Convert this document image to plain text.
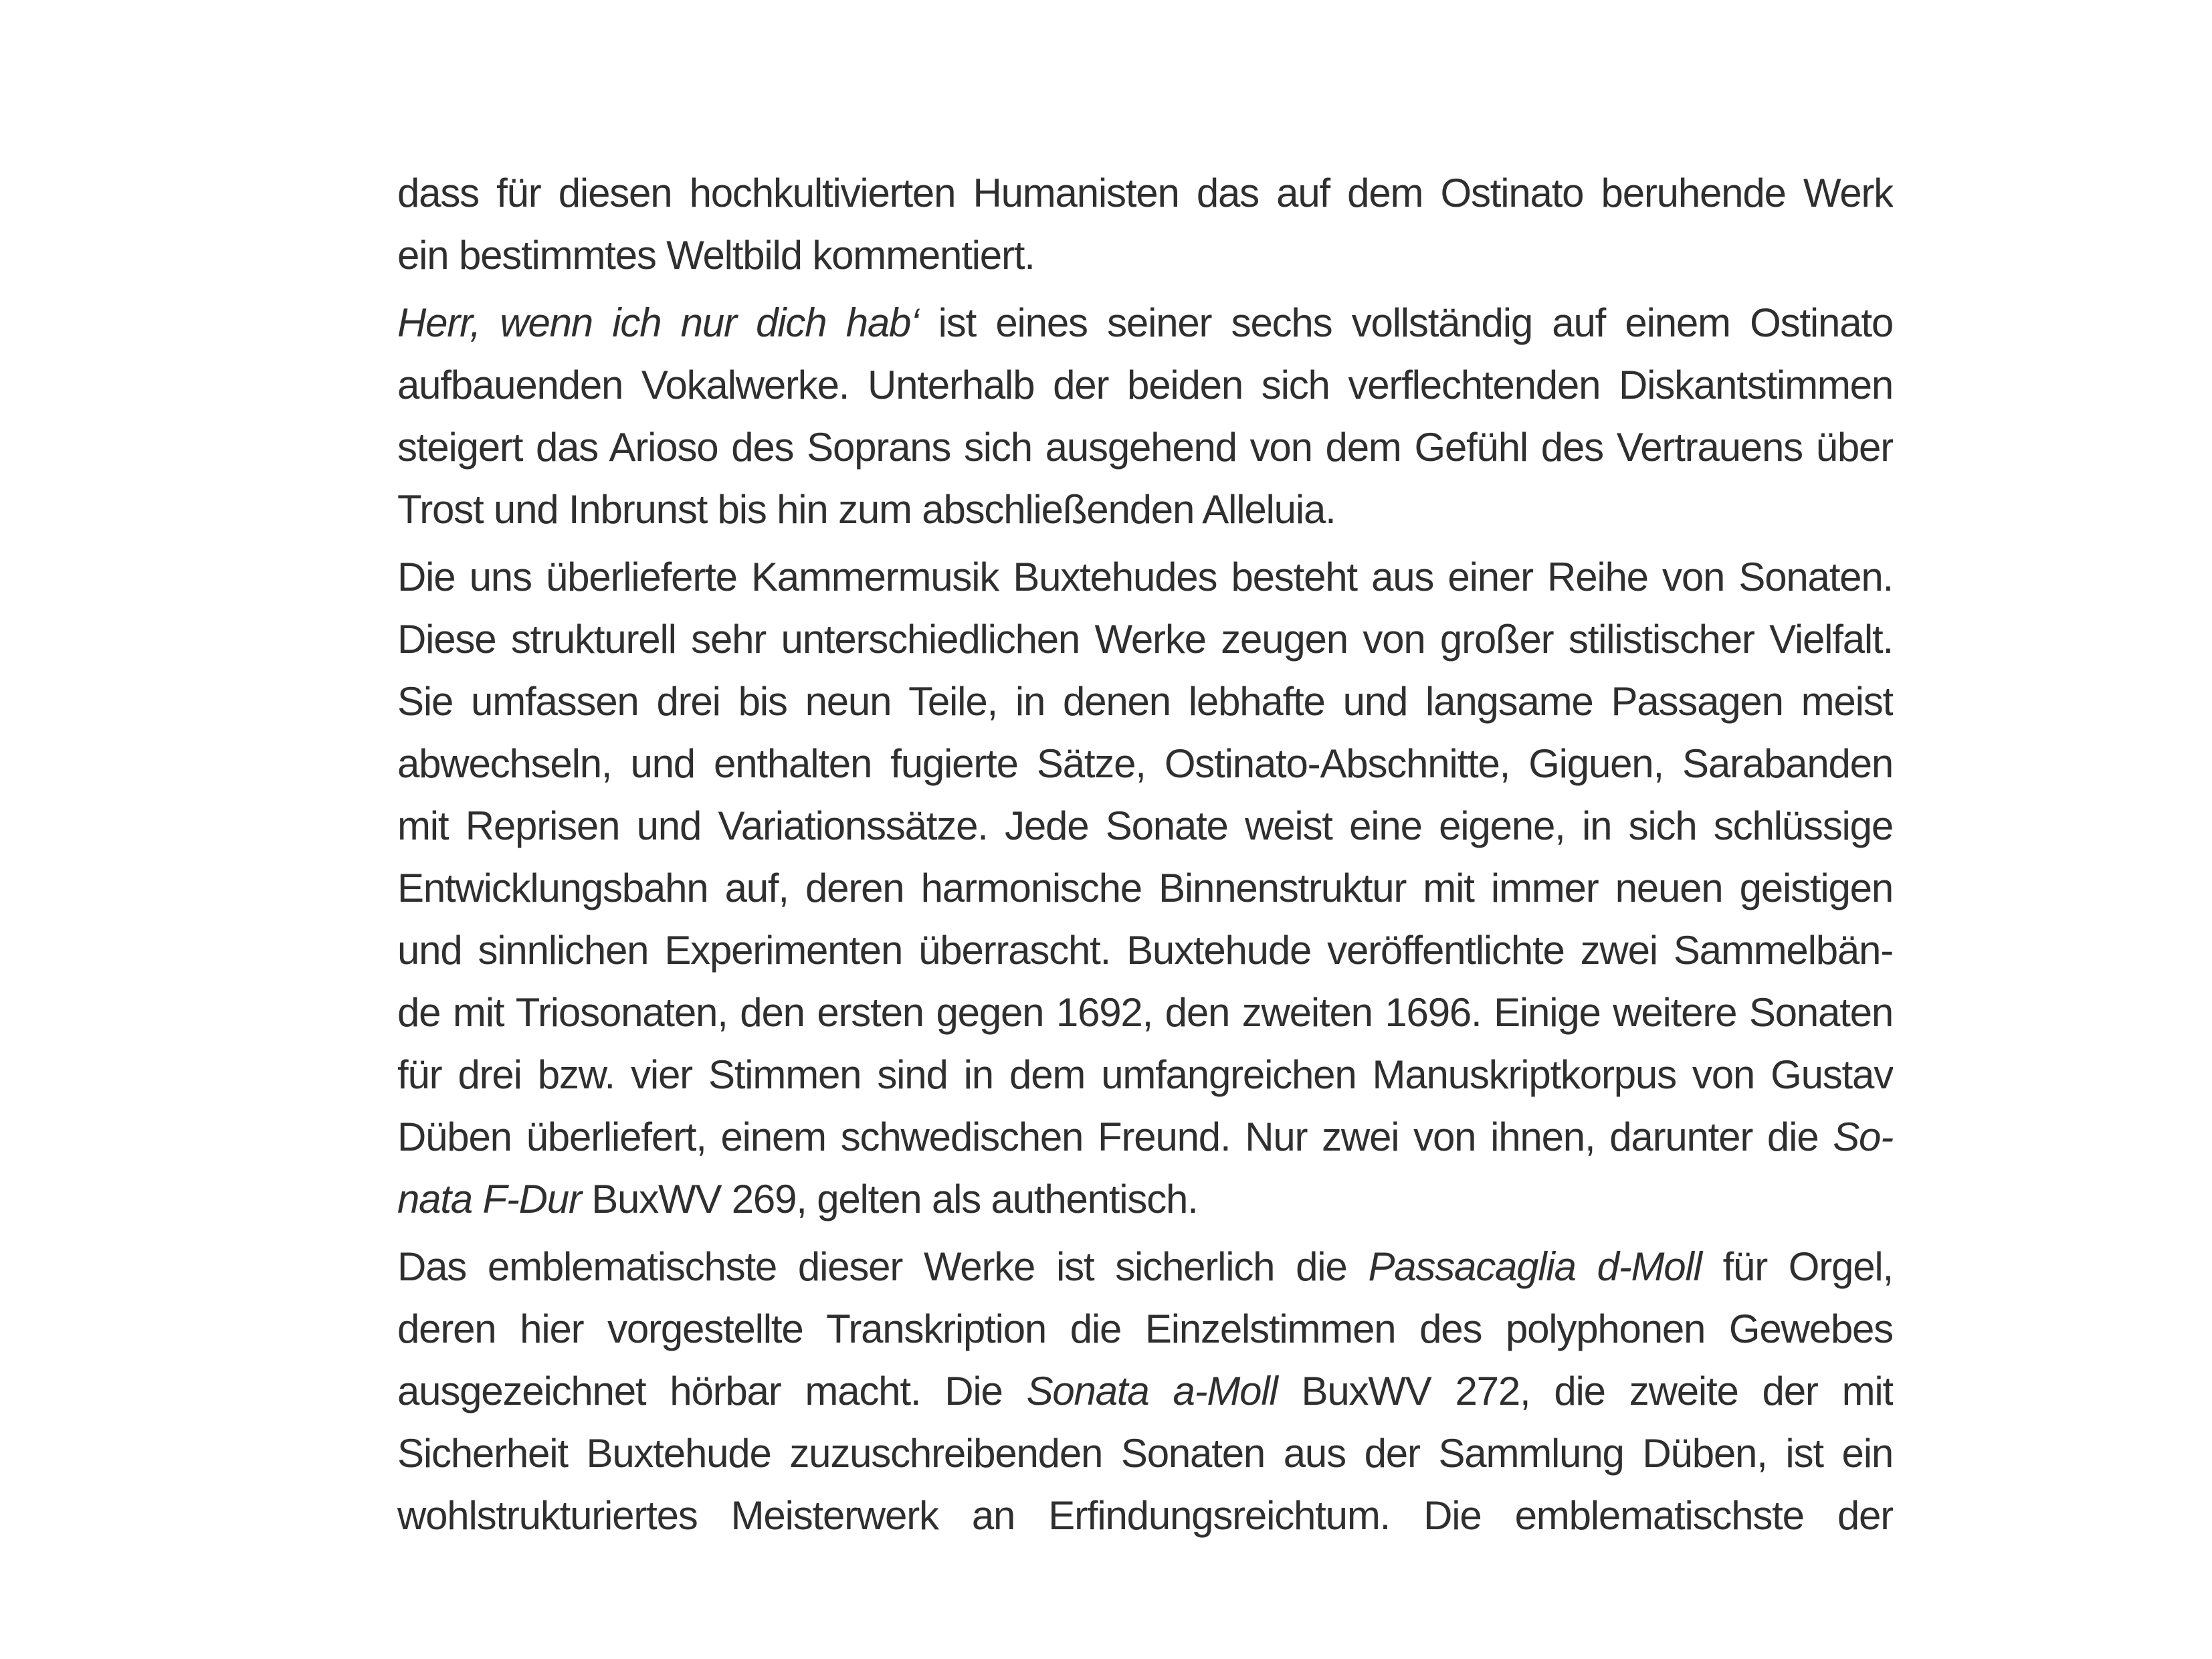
dass für diesen hochkultivierten Humanisten das auf dem Ostinato beruhende Werk
ein bestimmtes Weltbild kommentiert.
Herr, wenn ich nur dich hab‘ ist eines seiner sechs vollständig auf einem Ostinato
aufbauenden Vokalwerke. Unterhalb der beiden sich verflechtenden Diskantstimmen
steigert das Arioso des Soprans sich ausgehend von dem Gefühl des Vertrauens über
Trost und Inbrunst bis hin zum abschließenden Alleluia.
Die uns überlieferte Kammermusik Buxtehudes besteht aus einer Reihe von Sonaten.
Diese strukturell sehr unterschiedlichen Werke zeugen von großer stilistischer Vielfalt.
Sie umfassen drei bis neun Teile, in denen lebhafte und langsame Passagen meist
abwechseln, und enthalten fugierte Sätze, Ostinato-Abschnitte, Giguen, Sarabanden
mit Reprisen und Variationssätze. Jede Sonate weist eine eigene, in sich schlüssige
Entwicklungsbahn auf, deren harmonische Binnenstruktur mit immer neuen geistigen
und sinnlichen Experimenten überrascht. Buxtehude veröffentlichte zwei Sammelbän-
de mit Triosonaten, den ersten gegen 1692, den zweiten 1696. Einige weitere Sonaten
für drei bzw. vier Stimmen sind in dem umfangreichen Manuskriptkorpus von Gustav
Düben überliefert, einem schwedischen Freund. Nur zwei von ihnen, darunter die So-
nata F-Dur BuxWV 269, gelten als authentisch.
Das emblematischste dieser Werke ist sicherlich die Passacaglia d-Moll für Orgel,
deren hier vorgestellte Transkription die Einzelstimmen des polyphonen Gewebes
ausgezeichnet hörbar macht. Die Sonata a-Moll BuxWV 272, die zweite der mit
Sicherheit Buxtehude zuzuschreibenden Sonaten aus der Sammlung Düben, ist ein
wohlstrukturiertes Meisterwerk an Erfindungsreichtum. Die emblematischste der
